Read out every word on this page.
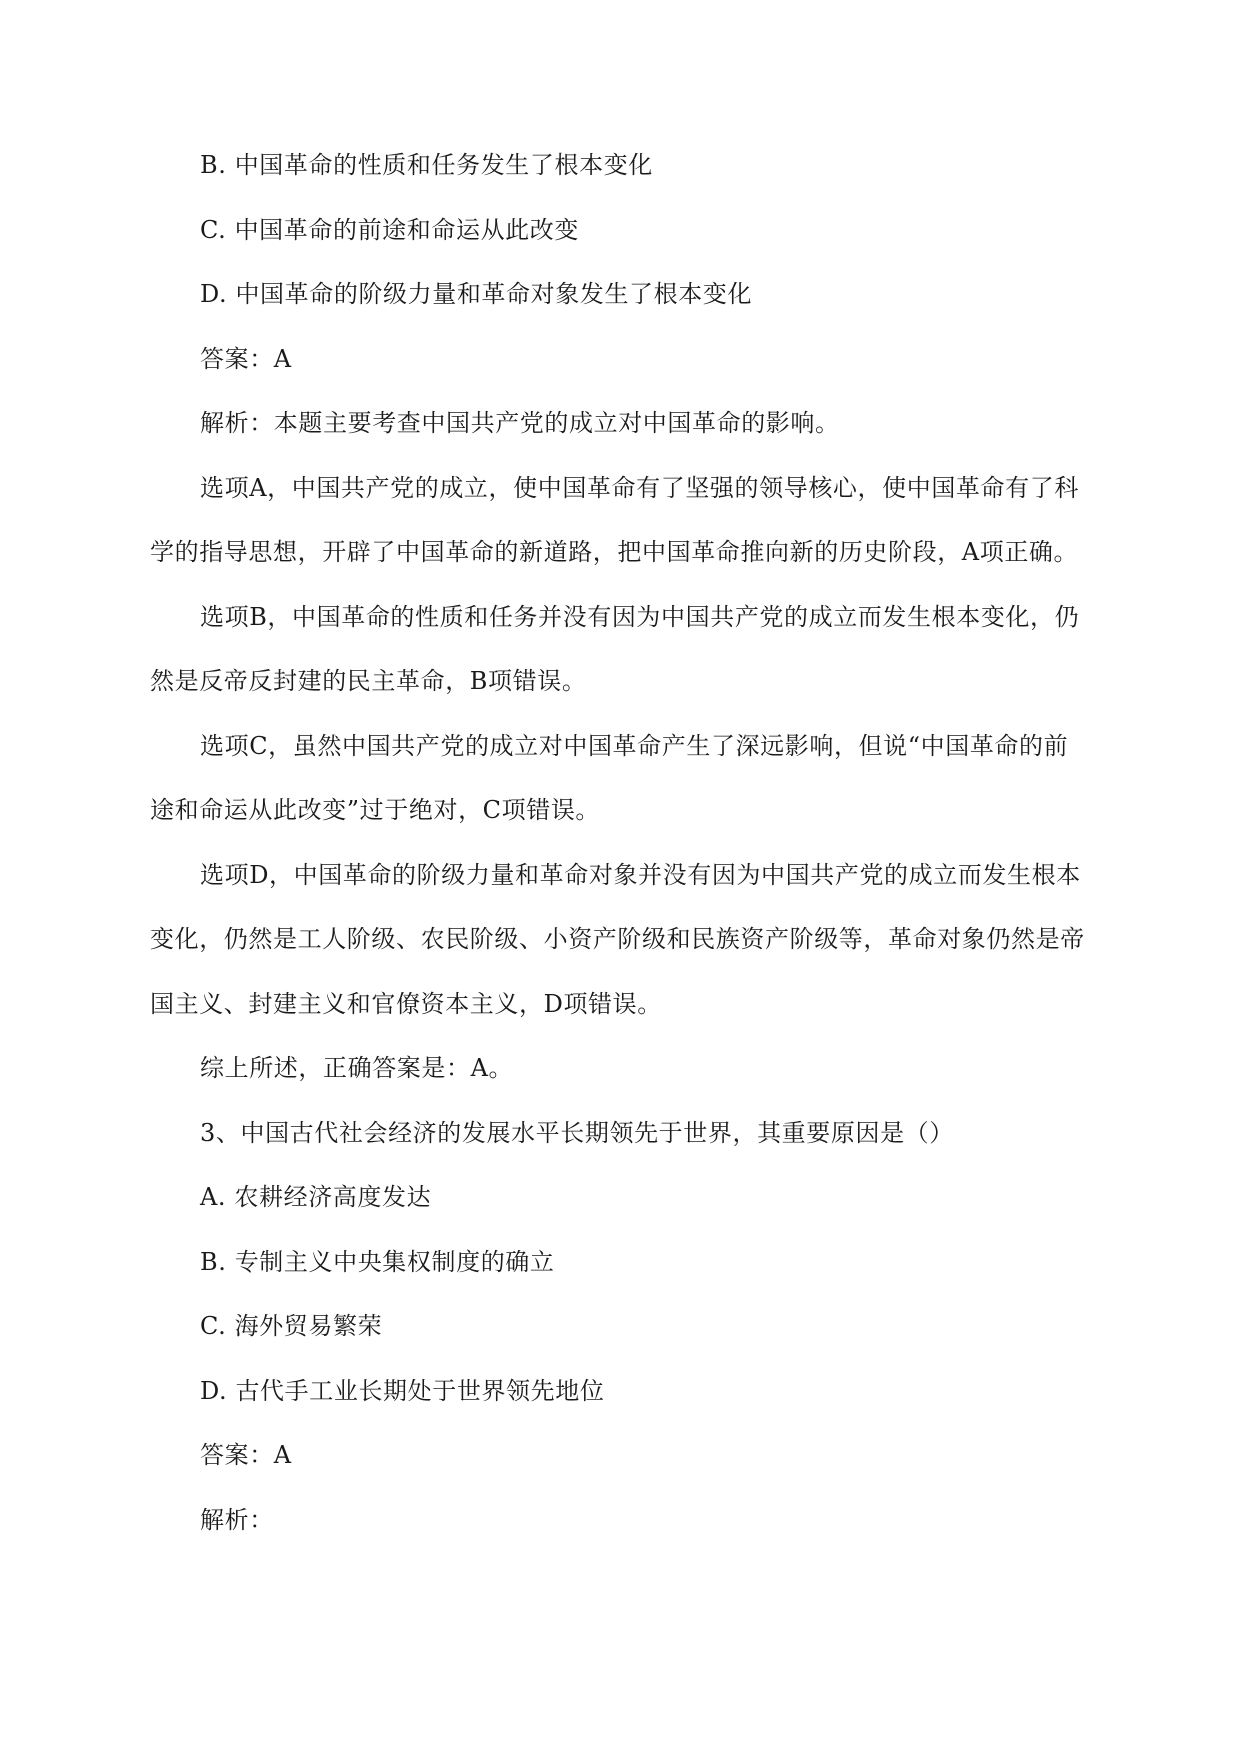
B. 中国革命的性质和任务发生了根本变化
C. 中国革命的前途和命运从此改变
D. 中国革命的阶级力量和革命对象发生了根本变化
答案：A
解析：本题主要考查中国共产党的成立对中国革命的影响。
选项A，中国共产党的成立，使中国革命有了坚强的领导核心，使中国革命有了科
学的指导思想，开辟了中国革命的新道路，把中国革命推向新的历史阶段，A项正确。
选项B，中国革命的性质和任务并没有因为中国共产党的成立而发生根本变化，仍
然是反帝反封建的民主革命，B项错误。
选项C，虽然中国共产党的成立对中国革命产生了深远影响，但说“中国革命的前
途和命运从此改变”过于绝对，C项错误。
选项D，中国革命的阶级力量和革命对象并没有因为中国共产党的成立而发生根本
变化，仍然是工人阶级、农民阶级、小资产阶级和民族资产阶级等，革命对象仍然是帝
国主义、封建主义和官僚资本主义，D项错误。
综上所述，正确答案是：A。
3、中国古代社会经济的发展水平长期领先于世界，其重要原因是（）
A. 农耕经济高度发达
B. 专制主义中央集权制度的确立
C. 海外贸易繁荣
D. 古代手工业长期处于世界领先地位
答案：A
解析：
